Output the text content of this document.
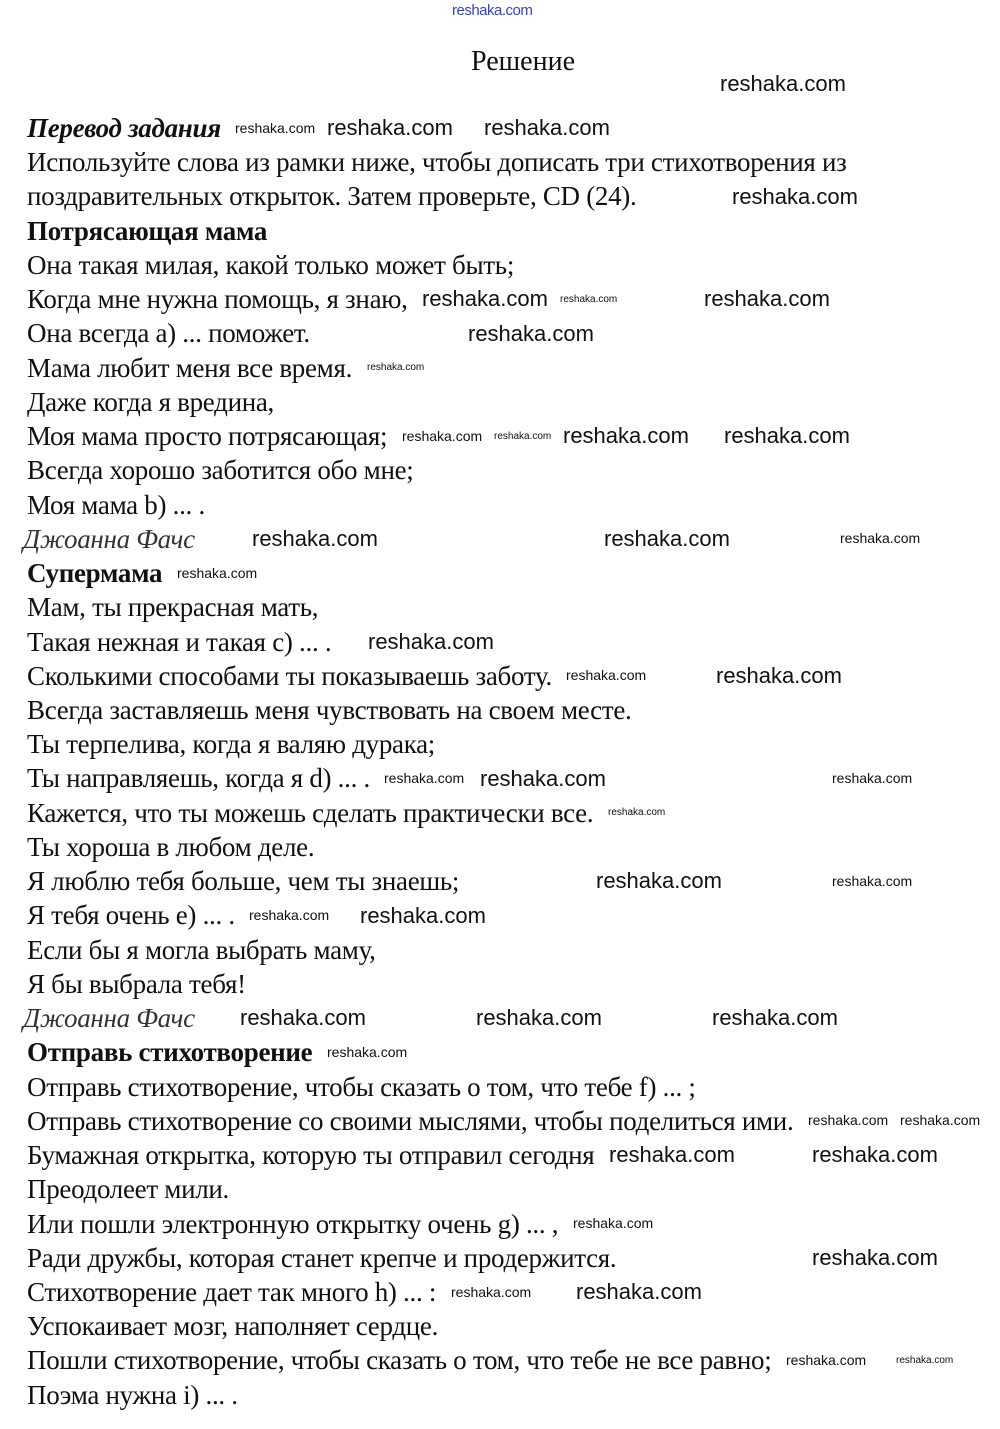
reshaka.com
Решение
Перевод задания
Используйте слова из рамки ниже, чтобы дописать три стихотворения из
поздравительных открыток. Затем проверьте, CD (24).
Потрясающая мама
Она такая милая, какой только может быть;
Когда мне нужна помощь, я знаю,
Она всегда a) ... поможет.
Мама любит меня все время.
Даже когда я вредина,
Моя мама просто потрясающая;
Всегда хорошо заботится обо мне;
Моя мама b) ... .
Джоанна Фачс
Супермама
Мам, ты прекрасная мать,
Такая нежная и такая c) ... .
Сколькими способами ты показываешь заботу.
Всегда заставляешь меня чувствовать на своем месте.
Ты терпелива, когда я валяю дурака;
Ты направляешь, когда я d) ... .
Кажется, что ты можешь сделать практически все.
Ты хороша в любом деле.
Я люблю тебя больше, чем ты знаешь;
Я тебя очень e) ... .
Если бы я могла выбрать маму,
Я бы выбрала тебя!
Джоанна Фачс
Отправь стихотворение
Отправь стихотворение, чтобы сказать о том, что тебе f) ... ;
Отправь стихотворение со своими мыслями, чтобы поделиться ими.
Бумажная открытка, которую ты отправил сегодня
Преодолеет мили.
Или пошли электронную открытку очень g) ... ,
Ради дружбы, которая станет крепче и продержится.
Стихотворение дает так много h) ... :
Успокаивает мозг, наполняет сердце.
Пошли стихотворение, чтобы сказать о том, что тебе не все равно;
Поэма нужна i) ... .
reshaka.com
reshaka.com reshaka.com reshaka.com
reshaka.com
reshaka.com reshaka.com
reshaka.com
reshaka.com
reshaka.com
reshaka.com reshaka.com reshaka.com reshaka.com
reshaka.com
reshaka.com
reshaka.com	reshaka.com
reshaka.com
reshaka.com
reshaka.com
reshaka.com reshaka.com	reshaka.com
reshaka.com
reshaka.com
reshaka.com
reshaka.com reshaka.com
reshaka.com
reshaka.com	reshaka.com
reshaka.com
reshaka.com reshaka.com
reshaka.com	reshaka.com
reshaka.com
reshaka.com
reshaka.com reshaka.com
reshaka.com	reshaka.com
